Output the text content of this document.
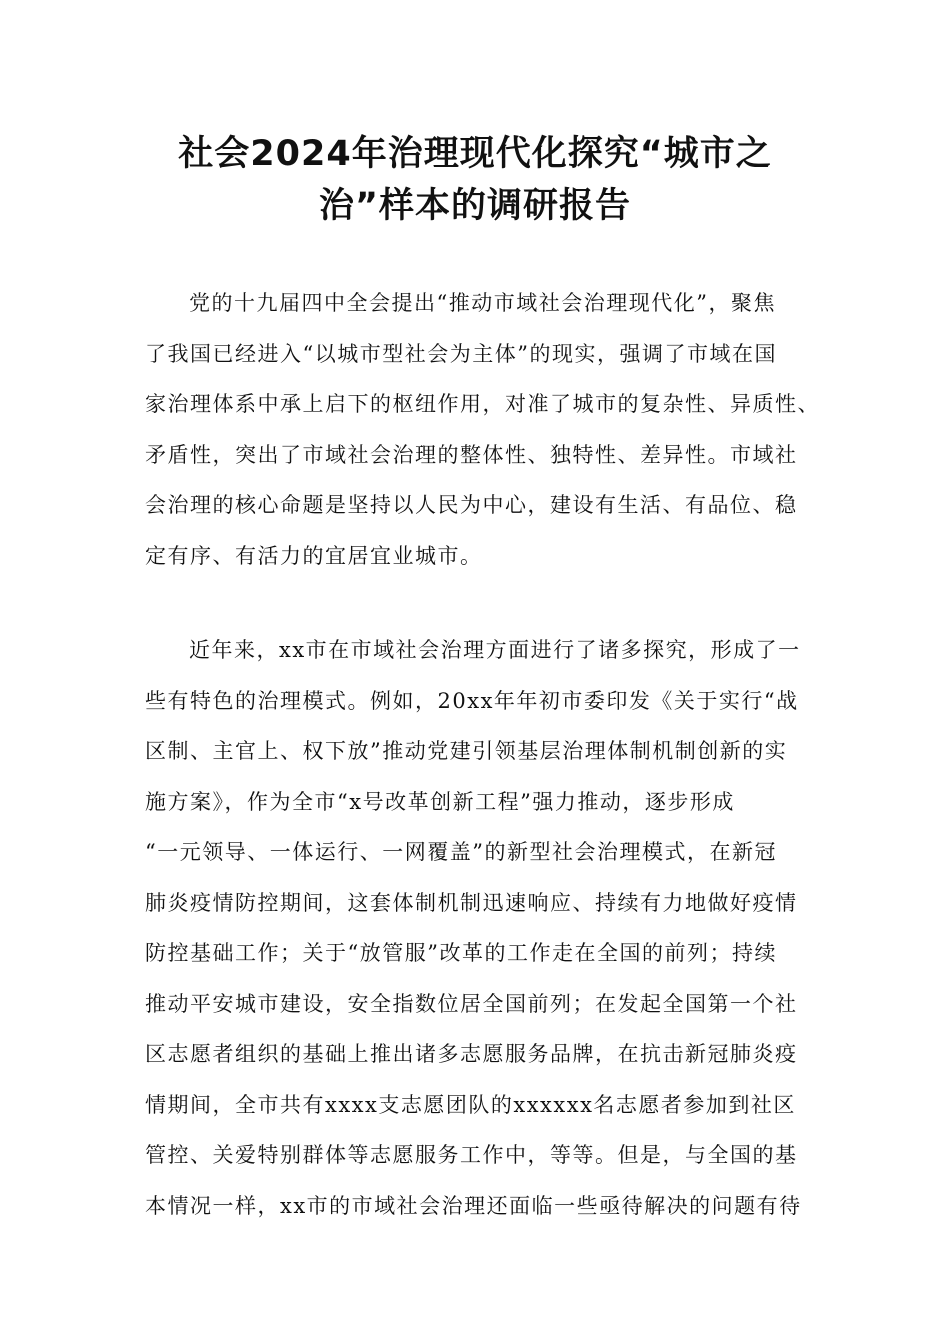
社会2024年治理现代化探究“城市之
治”样本的调研报告
党的十九届四中全会提出“推动市域社会治理现代化”，聚焦
了我国已经进入“以城市型社会为主体”的现实，强调了市域在国
家治理体系中承上启下的枢纽作用，对准了城市的复杂性、异质性、
矛盾性，突出了市域社会治理的整体性、独特性、差异性。市域社
会治理的核心命题是坚持以人民为中心，建设有生活、有品位、稳
定有序、有活力的宜居宜业城市。
近年来，xx市在市域社会治理方面进行了诸多探究，形成了一
些有特色的治理模式。例如，20xx年年初市委印发《关于实行“战
区制、主官上、权下放”推动党建引领基层治理体制机制创新的实
施方案》，作为全市“x号改革创新工程”强力推动，逐步形成
“一元领导、一体运行、一网覆盖”的新型社会治理模式，在新冠
肺炎疫情防控期间，这套体制机制迅速响应、持续有力地做好疫情
防控基础工作；关于“放管服”改革的工作走在全国的前列；持续
推动平安城市建设，安全指数位居全国前列；在发起全国第一个社
区志愿者组织的基础上推出诸多志愿服务品牌，在抗击新冠肺炎疫
情期间，全市共有xxxx支志愿团队的xxxxxx名志愿者参加到社区
管控、关爱特别群体等志愿服务工作中，等等。但是，与全国的基
本情况一样，xx市的市域社会治理还面临一些亟待解决的问题有待
